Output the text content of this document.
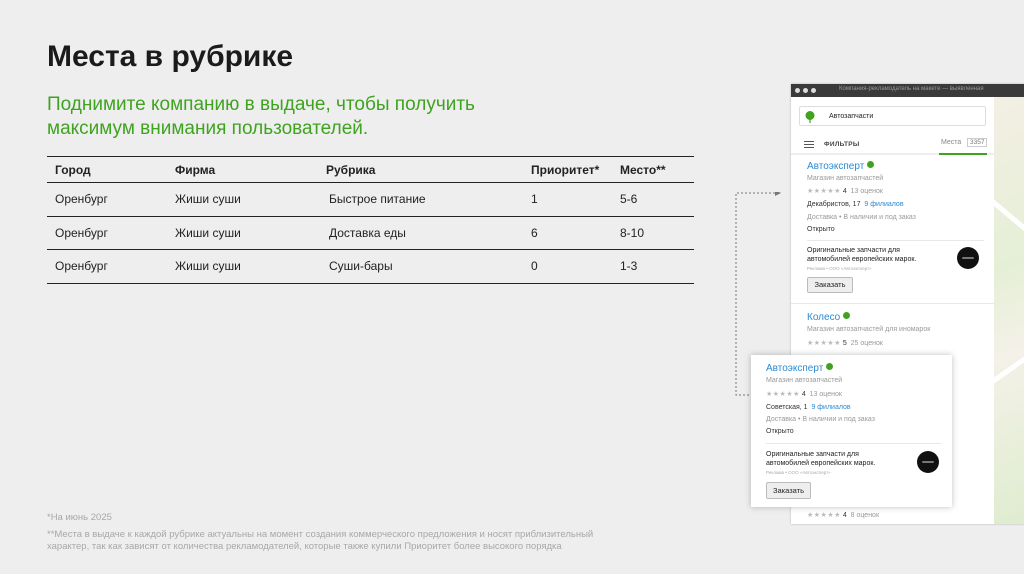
Места в рубрике
Поднимите компанию в выдаче, чтобы получить максимум внимания пользователей.
Город	Фирма	Рубрика	Приоритет*	Место**
Оренбург	Жиши суши	Быстрое питание	1	5-6
Оренбург	Жиши суши	Доставка еды	6	8-10
Оренбург	Жиши суши	Суши-бары	0	1-3
*На июнь 2025
**Места в выдаче к каждой рубрике актуальны на момент создания коммерческого предложения и носят приблизительный характер, так как зависят от количества рекламодателей, которые также купили Приоритет более высокого порядка
Компания-рекламодатель на макете — выявленная
Автозапчасти
ФИЛЬТРЫ	Места	3357
Автоэксперт
Магазин автозапчастей
★★★★★ 4 13 оценок
Декабристов, 17 9 филиалов
Доставка • В наличии и под заказ
Открыто
Оригинальные запчасти для автомобилей европейских марок.
Реклама • ООО «Автоэксперт»
Заказать
Колесо
Магазин автозапчастей для иномарок
★★★★★ 5 25 оценок
★★★★★ 4 8 оценок
Автоэксперт
Магазин автозапчастей
★★★★★ 4 13 оценок
Советская, 1 9 филиалов
Доставка • В наличии и под заказ
Открыто
Оригинальные запчасти для автомобилей европейских марок.
Реклама • ООО «Автоэксперт»
Заказать
